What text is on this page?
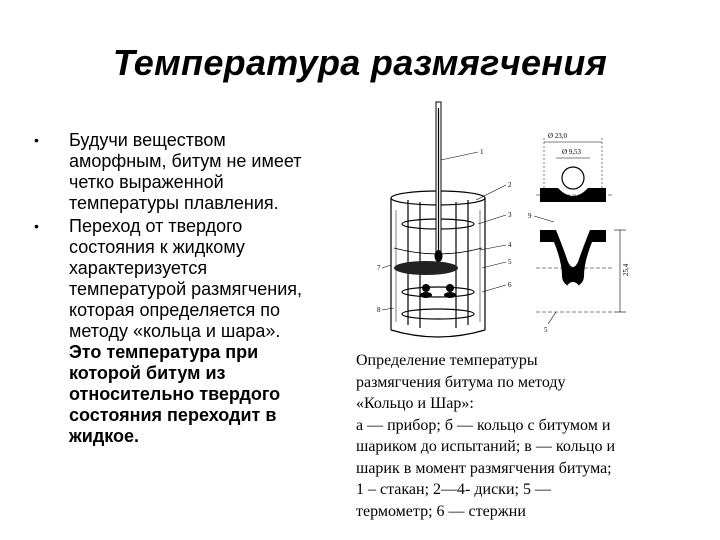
Температура размягчения
• Будучи веществом
аморфным, битум не имеет
четко выраженной
температуры плавления.
• Переход от твердого
состояния к жидкому
характеризуется
температурой размягчения,
которая определяется по
методу «кольца и шара».
Это температура при
которой битум из
относительно твердого
состояния переходит в
жидкое.
1
2
3
4
5
6
7
8
Ø 23,0
Ø 9,53
25,4
9
5
Определение температуры
размягчения битума по методу
«Кольцо и Шар»:
а — прибор; б — кольцо с битумом и
шариком до испытаний; в — кольцо и
шарик в момент размягчения битума;
1 – стакан; 2—4- диски; 5 —
термометр; 6 — стержни
